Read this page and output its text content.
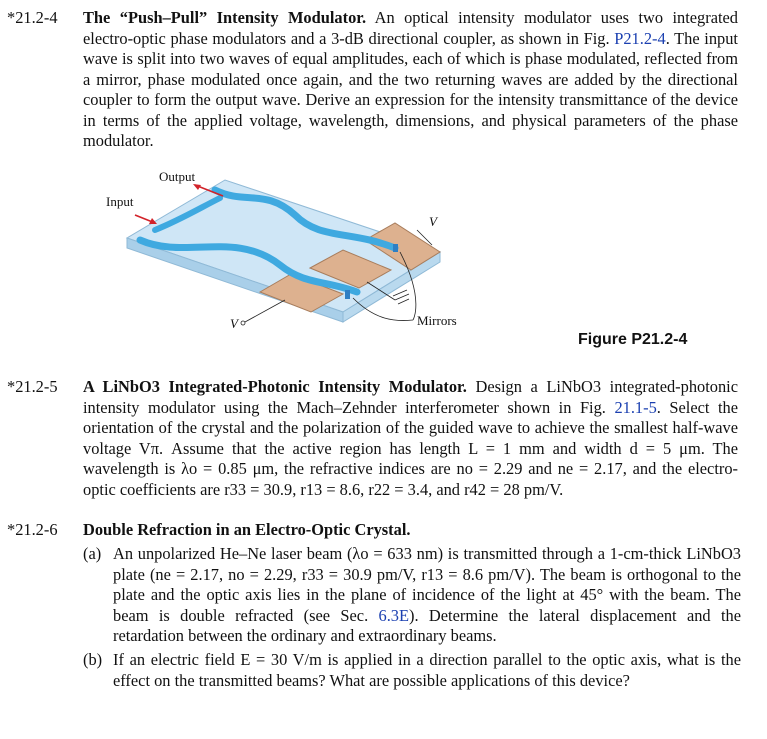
*21.2-4	The “Push–Pull” Intensity Modulator. An optical intensity modulator uses two integrated electro-optic phase modulators and a 3-dB directional coupler, as shown in Fig. P21.2-4. The input wave is split into two waves of equal amplitudes, each of which is phase modulated, reflected from a mirror, phase modulated once again, and the two returning waves are added by the directional coupler to form the output wave. Derive an expression for the intensity transmittance of the device in terms of the applied voltage, wavelength, dimensions, and physical parameters of the phase modulator.
Output
Input
V
V	Mirrors
Figure P21.2-4
*21.2-5	A LiNbO3 Integrated-Photonic Intensity Modulator. Design a LiNbO3 integrated-photonic intensity modulator using the Mach–Zehnder interferometer shown in Fig. 21.1-5. Select the orientation of the crystal and the polarization of the guided wave to achieve the smallest half-wave voltage Vπ. Assume that the active region has length L = 1 mm and width d = 5 μm. The wavelength is λo = 0.85 μm, the refractive indices are no = 2.29 and ne = 2.17, and the electro-optic coefficients are r33 = 30.9, r13 = 8.6, r22 = 3.4, and r42 = 28 pm/V.
*21.2-6	Double Refraction in an Electro-Optic Crystal.
(a) An unpolarized He–Ne laser beam (λo = 633 nm) is transmitted through a 1-cm-thick LiNbO3 plate (ne = 2.17, no = 2.29, r33 = 30.9 pm/V, r13 = 8.6 pm/V). The beam is orthogonal to the plate and the optic axis lies in the plane of incidence of the light at 45° with the beam. The beam is double refracted (see Sec. 6.3E). Determine the lateral displacement and the retardation between the ordinary and extraordinary beams.
(b) If an electric field E = 30 V/m is applied in a direction parallel to the optic axis, what is the effect on the transmitted beams? What are possible applications of this device?
